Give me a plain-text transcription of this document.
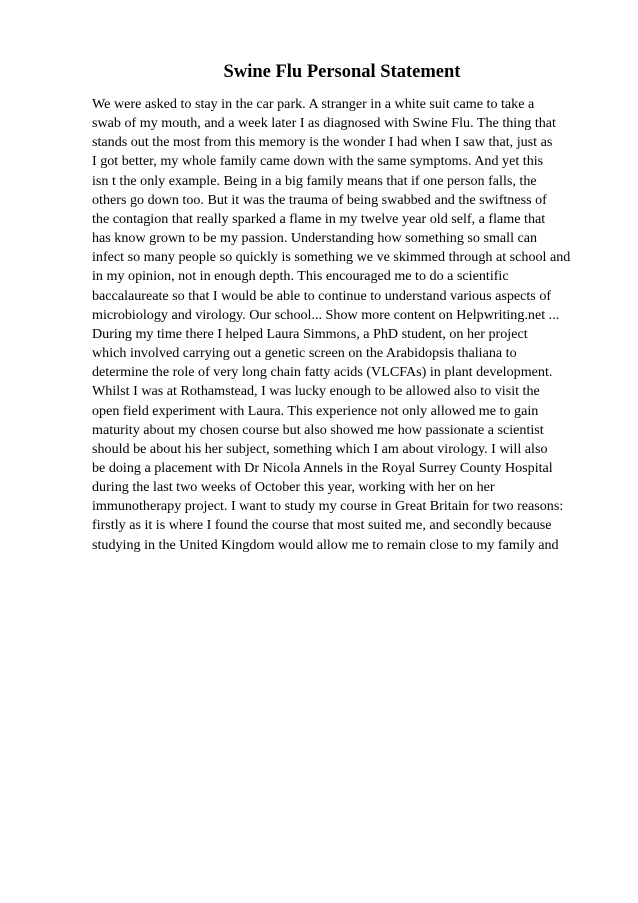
Swine Flu Personal Statement
We were asked to stay in the car park. A stranger in a white suit came to take a
swab of my mouth, and a week later I as diagnosed with Swine Flu. The thing that
stands out the most from this memory is the wonder I had when I saw that, just as
I got better, my whole family came down with the same symptoms. And yet this
isn t the only example. Being in a big family means that if one person falls, the
others go down too. But it was the trauma of being swabbed and the swiftness of
the contagion that really sparked a flame in my twelve year old self, a flame that
has know grown to be my passion. Understanding how something so small can
infect so many people so quickly is something we ve skimmed through at school and
in my opinion, not in enough depth. This encouraged me to do a scientific
baccalaureate so that I would be able to continue to understand various aspects of
microbiology and virology. Our school... Show more content on Helpwriting.net ...
During my time there I helped Laura Simmons, a PhD student, on her project
which involved carrying out a genetic screen on the Arabidopsis thaliana to
determine the role of very long chain fatty acids (VLCFAs) in plant development.
Whilst I was at Rothamstead, I was lucky enough to be allowed also to visit the
open field experiment with Laura. This experience not only allowed me to gain
maturity about my chosen course but also showed me how passionate a scientist
should be about his her subject, something which I am about virology. I will also
be doing a placement with Dr Nicola Annels in the Royal Surrey County Hospital
during the last two weeks of October this year, working with her on her
immunotherapy project. I want to study my course in Great Britain for two reasons:
firstly as it is where I found the course that most suited me, and secondly because
studying in the United Kingdom would allow me to remain close to my family and
